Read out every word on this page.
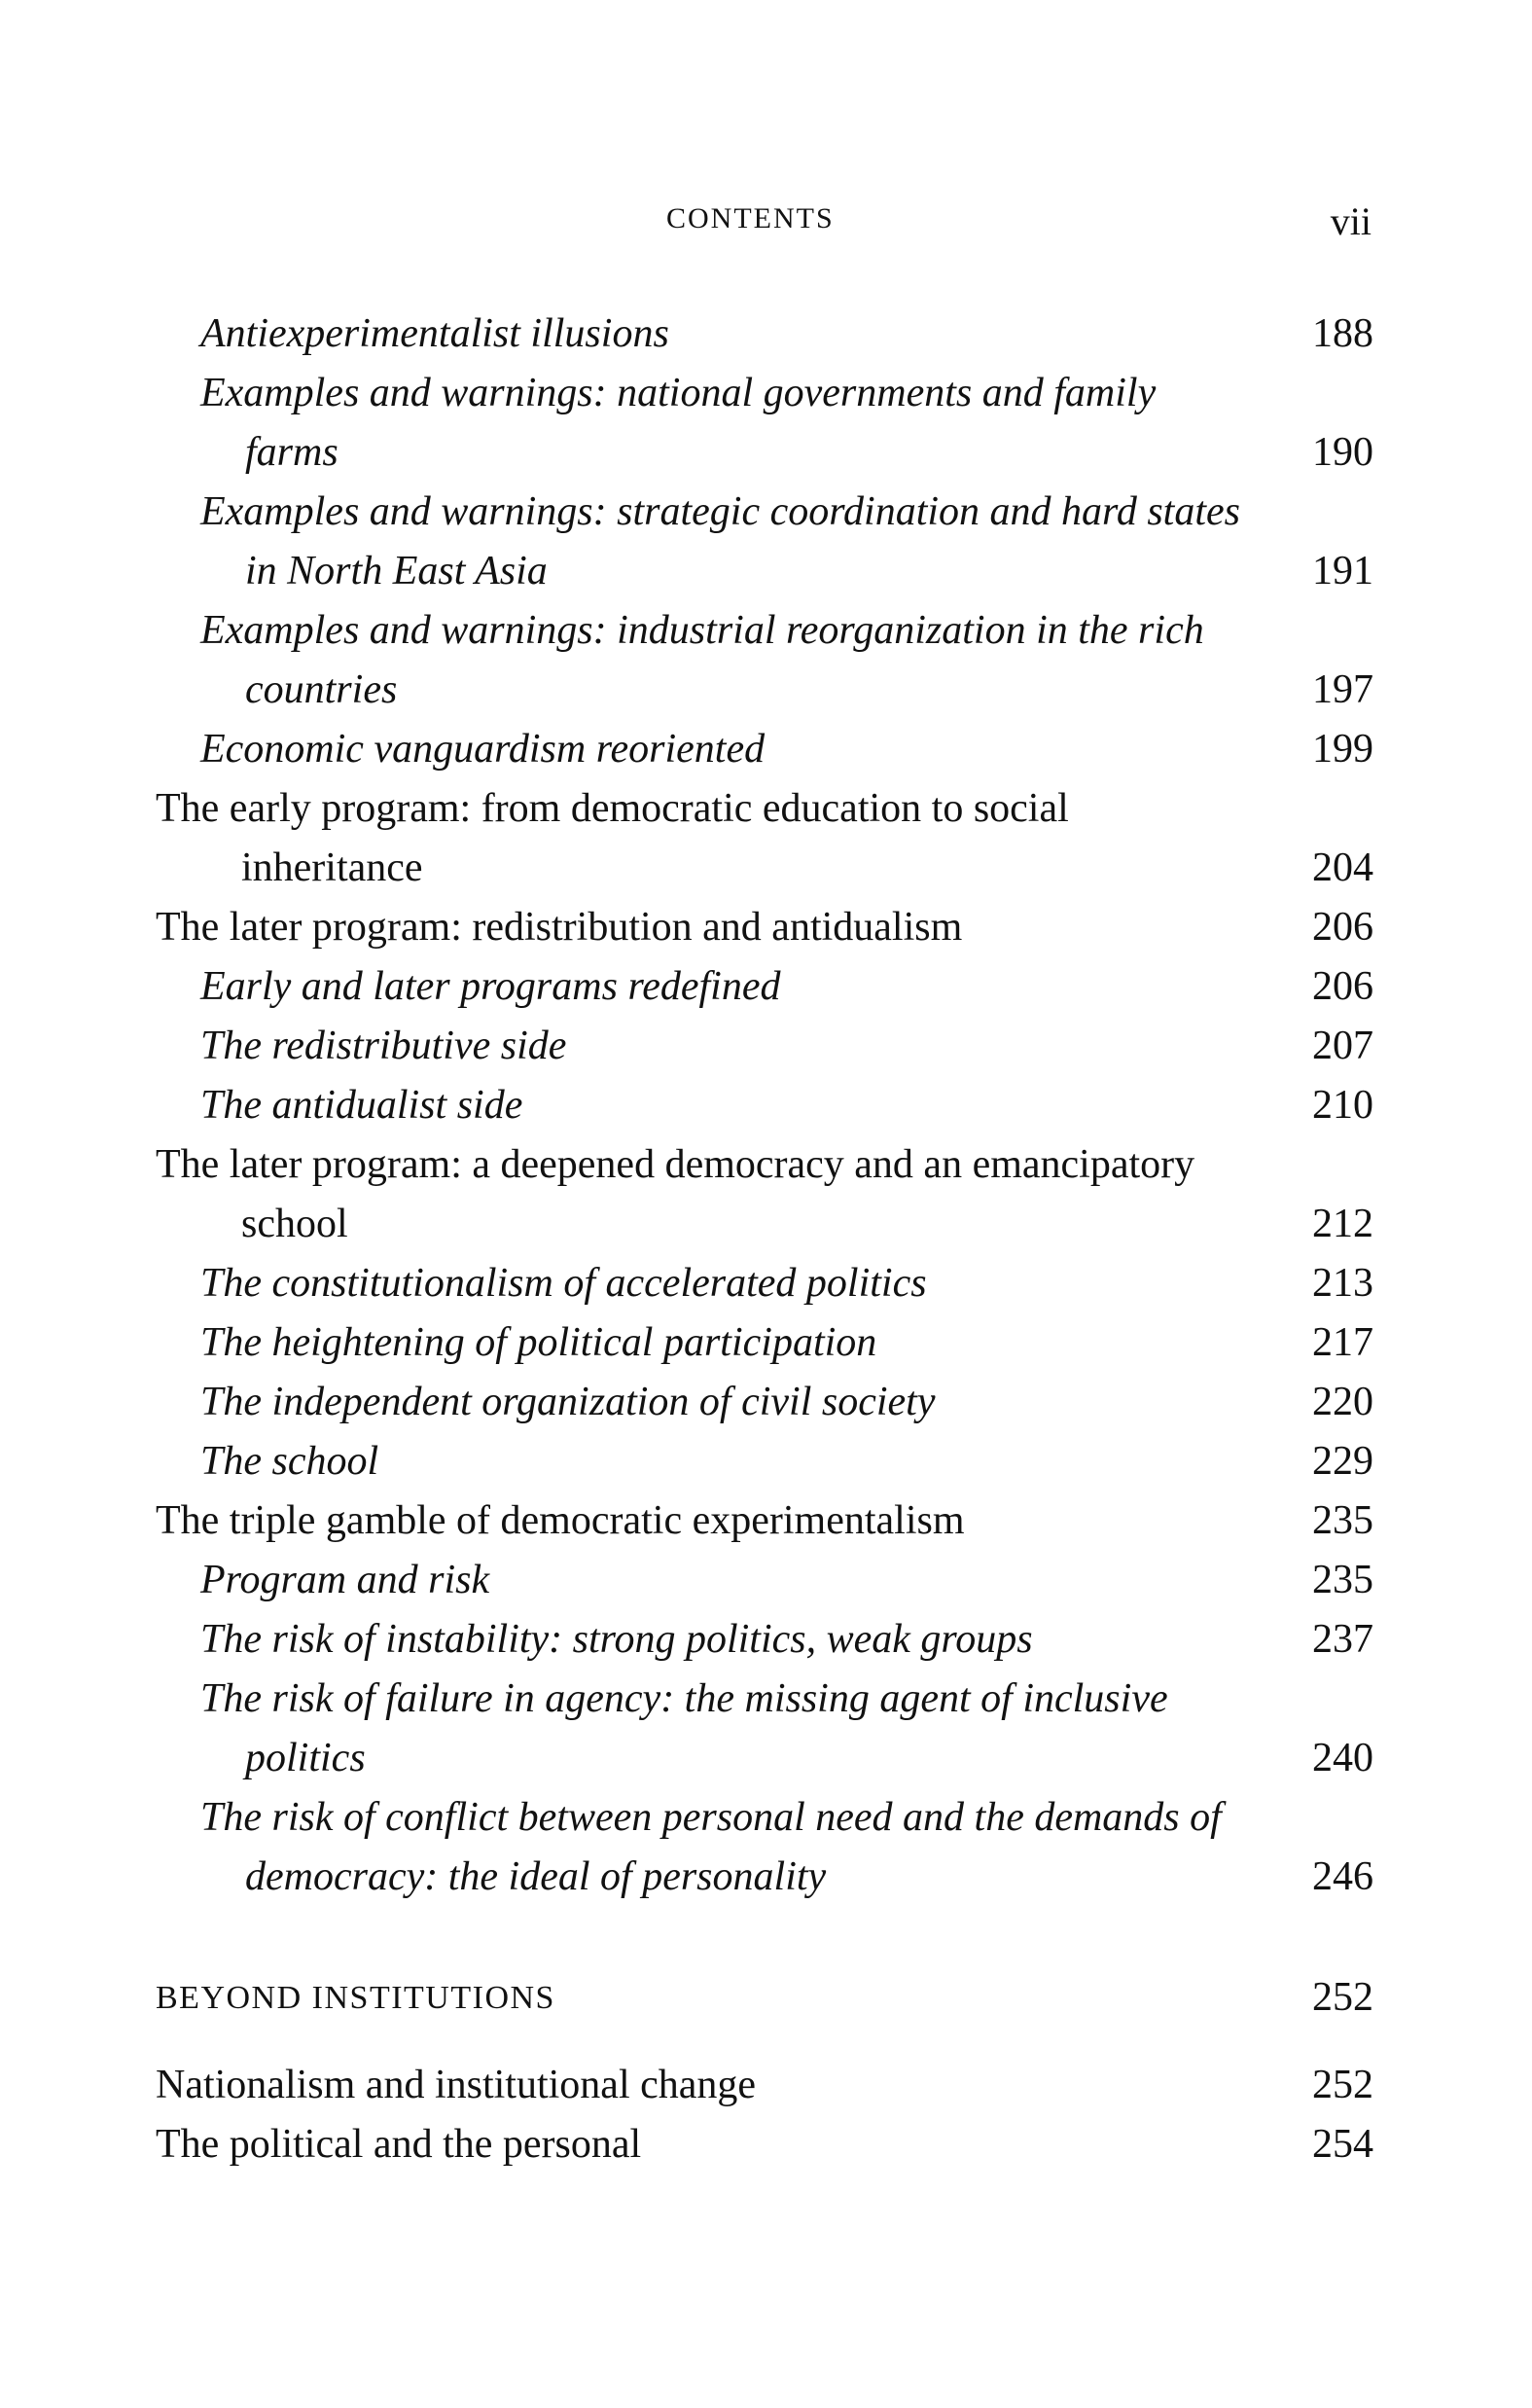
CONTENTS	vii
Antiexperimentalist illusions	188
Examples and warnings: national governments and family farms	190
Examples and warnings: strategic coordination and hard states in North East Asia	191
Examples and warnings: industrial reorganization in the rich countries	197
Economic vanguardism reoriented	199
The early program: from democratic education to social inheritance	204
The later program: redistribution and antidualism	206
Early and later programs redefined	206
The redistributive side	207
The antidualist side	210
The later program: a deepened democracy and an emancipatory school	212
The constitutionalism of accelerated politics	213
The heightening of political participation	217
The independent organization of civil society	220
The school	229
The triple gamble of democratic experimentalism	235
Program and risk	235
The risk of instability: strong politics, weak groups	237
The risk of failure in agency: the missing agent of inclusive politics	240
The risk of conflict between personal need and the demands of democracy: the ideal of personality	246
BEYOND INSTITUTIONS	252
Nationalism and institutional change	252
The political and the personal	254
